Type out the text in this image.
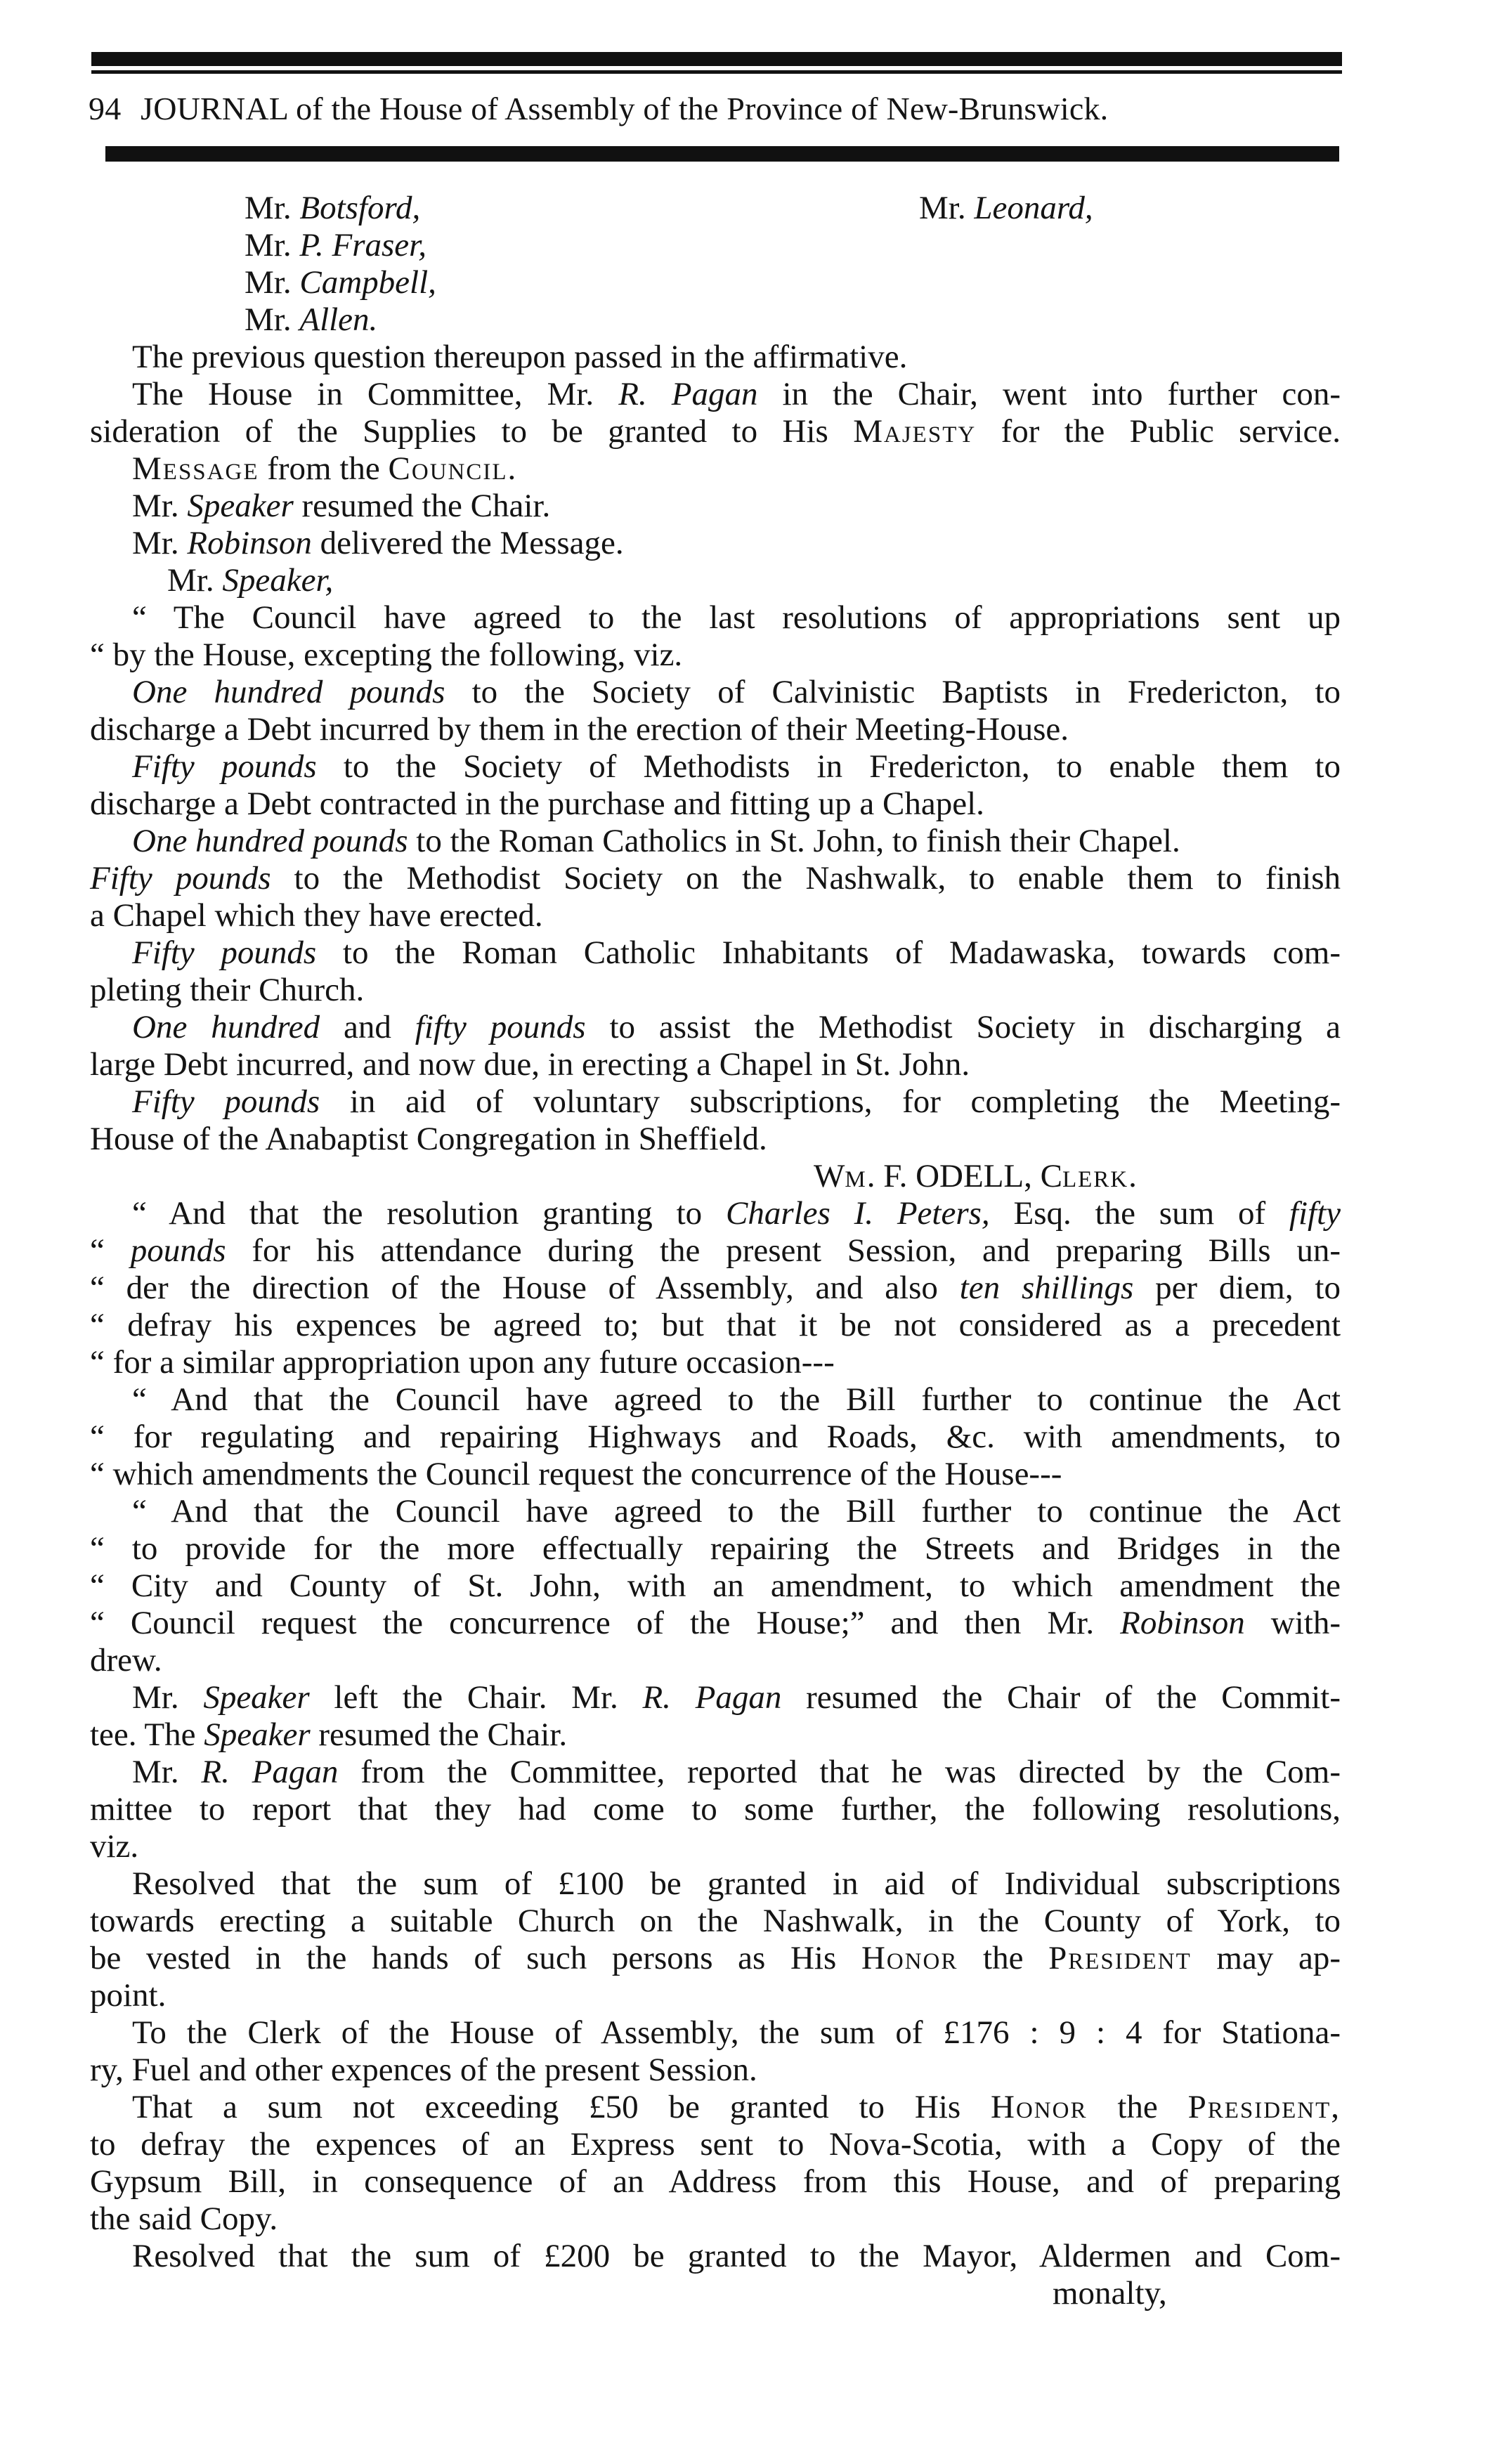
94 JOURNAL of the House of Assembly of the Province of New-Brunswick.
Mr. Botsford,	Mr. Leonard,
Mr. P. Fraser,
Mr. Campbell,
Mr. Allen.
The previous question thereupon passed in the affirmative.
The House in Committee, Mr. R. Pagan in the Chair, went into further con-
sideration of the Supplies to be granted to His Majesty for the Public service.
Message from the Council.
Mr. Speaker resumed the Chair.
Mr. Robinson delivered the Message.
Mr. Speaker,
“ The Council have agreed to the last resolutions of appropriations sent up
“ by the House, excepting the following, viz.
One hundred pounds to the Society of Calvinistic Baptists in Fredericton, to
discharge a Debt incurred by them in the erection of their Meeting-House.
Fifty pounds to the Society of Methodists in Fredericton, to enable them to
discharge a Debt contracted in the purchase and fitting up a Chapel.
One hundred pounds to the Roman Catholics in St. John, to finish their Chapel.
Fifty pounds to the Methodist Society on the Nashwalk, to enable them to finish
a Chapel which they have erected.
Fifty pounds to the Roman Catholic Inhabitants of Madawaska, towards com-
pleting their Church.
One hundred and fifty pounds to assist the Methodist Society in discharging a
large Debt incurred, and now due, in erecting a Chapel in St. John.
Fifty pounds in aid of voluntary subscriptions, for completing the Meeting-
House of the Anabaptist Congregation in Sheffield.
Wm. F. ODELL, Clerk.
“ And that the resolution granting to Charles I. Peters, Esq. the sum of fifty
“ pounds for his attendance during the present Session, and preparing Bills un-
“ der the direction of the House of Assembly, and also ten shillings per diem, to
“ defray his expences be agreed to; but that it be not considered as a precedent
“ for a similar appropriation upon any future occasion---
“ And that the Council have agreed to the Bill further to continue the Act
“ for regulating and repairing Highways and Roads, &c. with amendments, to
“ which amendments the Council request the concurrence of the House---
“ And that the Council have agreed to the Bill further to continue the Act
“ to provide for the more effectually repairing the Streets and Bridges in the
“ City and County of St. John, with an amendment, to which amendment the
“ Council request the concurrence of the House;” and then Mr. Robinson with-
drew.
Mr. Speaker left the Chair. Mr. R. Pagan resumed the Chair of the Commit-
tee. The Speaker resumed the Chair.
Mr. R. Pagan from the Committee, reported that he was directed by the Com-
mittee to report that they had come to some further, the following resolutions,
viz.
Resolved that the sum of £100 be granted in aid of Individual subscriptions
towards erecting a suitable Church on the Nashwalk, in the County of York, to
be vested in the hands of such persons as His Honor the President may ap-
point.
To the Clerk of the House of Assembly, the sum of £176 : 9 : 4 for Stationa-
ry, Fuel and other expences of the present Session.
That a sum not exceeding £50 be granted to His Honor the President,
to defray the expences of an Express sent to Nova-Scotia, with a Copy of the
Gypsum Bill, in consequence of an Address from this House, and of preparing
the said Copy.
Resolved that the sum of £200 be granted to the Mayor, Aldermen and Com-
monalty,
